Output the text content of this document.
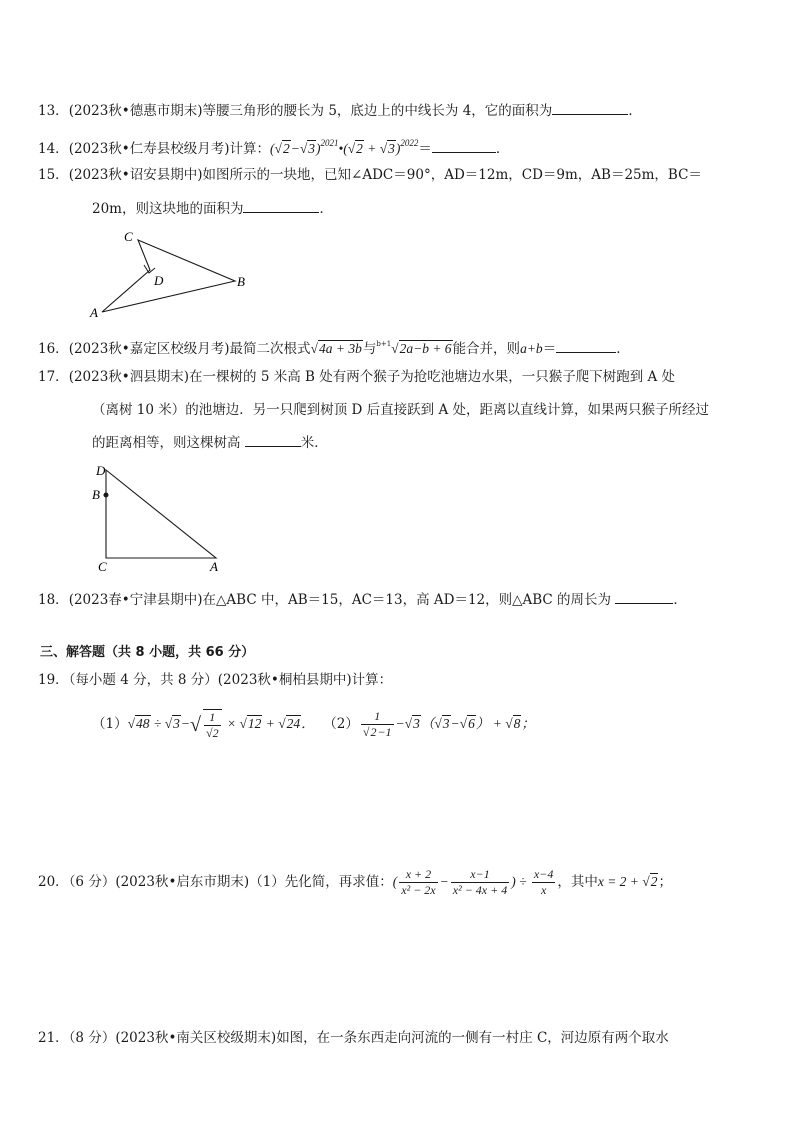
13．(2023秋•德惠市期末)等腰三角形的腰长为 5，底边上的中线长为 4，它的面积为	．
14．(2023秋•仁寿县校级月考)计算：$(√2-√3)^{2021}•(√2 + √3)^{2022}=$	．
15．(2023秋•诏安县期中)如图所示的一块地，已知∠ADC＝90°，AD＝12m，CD＝9m，AB＝25m，BC＝
20m，则这块地的面积为	．
C
D	B
A
16．(2023秋•嘉定区校级月考)最简二次根式√4a + 3b与$^{b+1}$√2a−b + 6能合并，则a+b＝	．
17．(2023秋•泗县期末)在一棵树的 5 米高 B 处有两个猴子为抢吃池塘边水果，一只猴子爬下树跑到 A 处
（离树 10 米）的池塘边．另一只爬到树顶 D 后直接跃到 A 处，距离以直线计算，如果两只猴子所经过
的距离相等，则这棵树高	米．
D
B
C	A
18．(2023春•宁津县期中)在△ABC 中，AB＝15，AC＝13，高 AD＝12，则△ABC 的周长为	．
三、解答题（共 8 小题，共 66 分）
19．（每小题 4 分，共 8 分）(2023秋•桐柏县期中)计算：
$(1)√48 \div √3-√ \frac{1}{√2} \times √12 + √24$． $(2) \frac{1}{√2-1} -√3(√3-√6) + √8$；
20．（6 分）(2023秋•启东市期末)（1）先化简，再求值：( $\frac{x + 2}{\text{x² − 2x}} - \frac{x-1}{\text{x² − 4x + 4}}$ ) ÷ $\frac{x-4}{x}$ ，其中x = 2 + √2；
21．（8 分）(2023秋•南关区校级期末)如图，在一条东西走向河流的一侧有一村庄 C，河边原有两个取水
